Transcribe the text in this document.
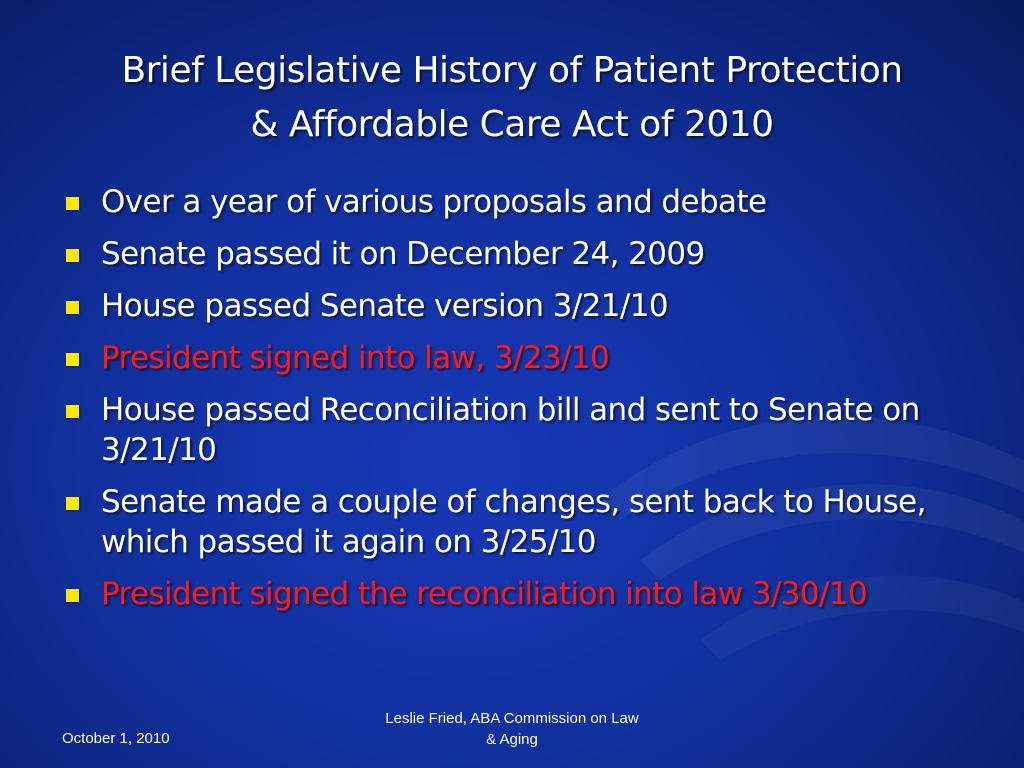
Brief Legislative History of Patient Protection
& Affordable Care Act of 2010
Over a year of various proposals and debate
Senate passed it on December 24, 2009
House passed Senate version 3/21/10
President signed into law, 3/23/10
House passed Reconciliation bill and sent to Senate on 3/21/10
Senate made a couple of changes, sent back to House, which passed it again on 3/25/10
President signed the reconciliation into law 3/30/10
October 1, 2010
Leslie Fried, ABA Commission on Law
& Aging
